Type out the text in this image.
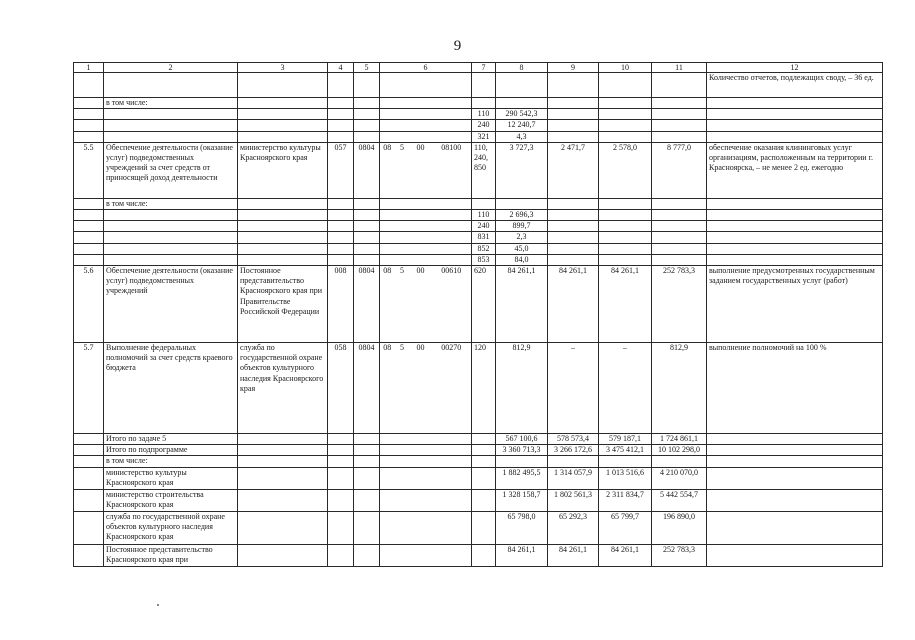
9
1	2	3	4	5	6				7	8	9	10	11	12
														Количество отчетов, подлежащих своду, – 36 ед.
	в том числе:													
									110	290 542,3				
									240	12 240,7				
									321	4,3				
5.5	Обеспечение деятельности (оказание услуг) подведомственных учреждений за счет средств от приносящей доход деятельности	министерство культуры Красноярского края	057	0804	08	5	00	08100	110, 240, 850	3 727,3	2 471,7	2 578,0	8 777,0	обеспечение оказания клининговых услуг организациям, расположенным на территории г. Красноярска, – не менее 2 ед. ежегодно
	в том числе:													
									110	2 696,3				
									240	899,7				
									831	2,3				
									852	45,0				
									853	84,0				
5.6	Обеспечение деятельности (оказание услуг) подведомственных учреждений	Постоянное представительство Красноярского края при Правительстве Российской Федерации	008	0804	08	5	00	00610	620	84 261,1	84 261,1	84 261,1	252 783,3	выполнение предусмотренных государственным заданием государственных услуг (работ)
5.7	Выполнение федеральных полномочий за счет средств краевого бюджета	служба по государственной охране объектов культурного наследия Красноярского края	058	0804	08	5	00	00270	120	812,9	–	–	812,9	выполнение полномочий на 100 %
	Итого по задаче 5									567 100,6	578 573,4	579 187,1	1 724 861,1	
	Итого по подпрограмме									3 360 713,3	3 266 172,6	3 475 412,1	10 102 298,0	
	в том числе:													
	министерство культуры Красноярского края									1 882 495,5	1 314 057,9	1 013 516,6	4 210 070,0	
	министерство строительства Красноярского края									1 328 158,7	1 802 561,3	2 311 834,7	5 442 554,7	
	служба по государственной охране объектов культурного наследия Красноярского края									65 798,0	65 292,3	65 799,7	196 890,0	
	Постоянное представительство Красноярского края при									84 261,1	84 261,1	84 261,1	252 783,3	
